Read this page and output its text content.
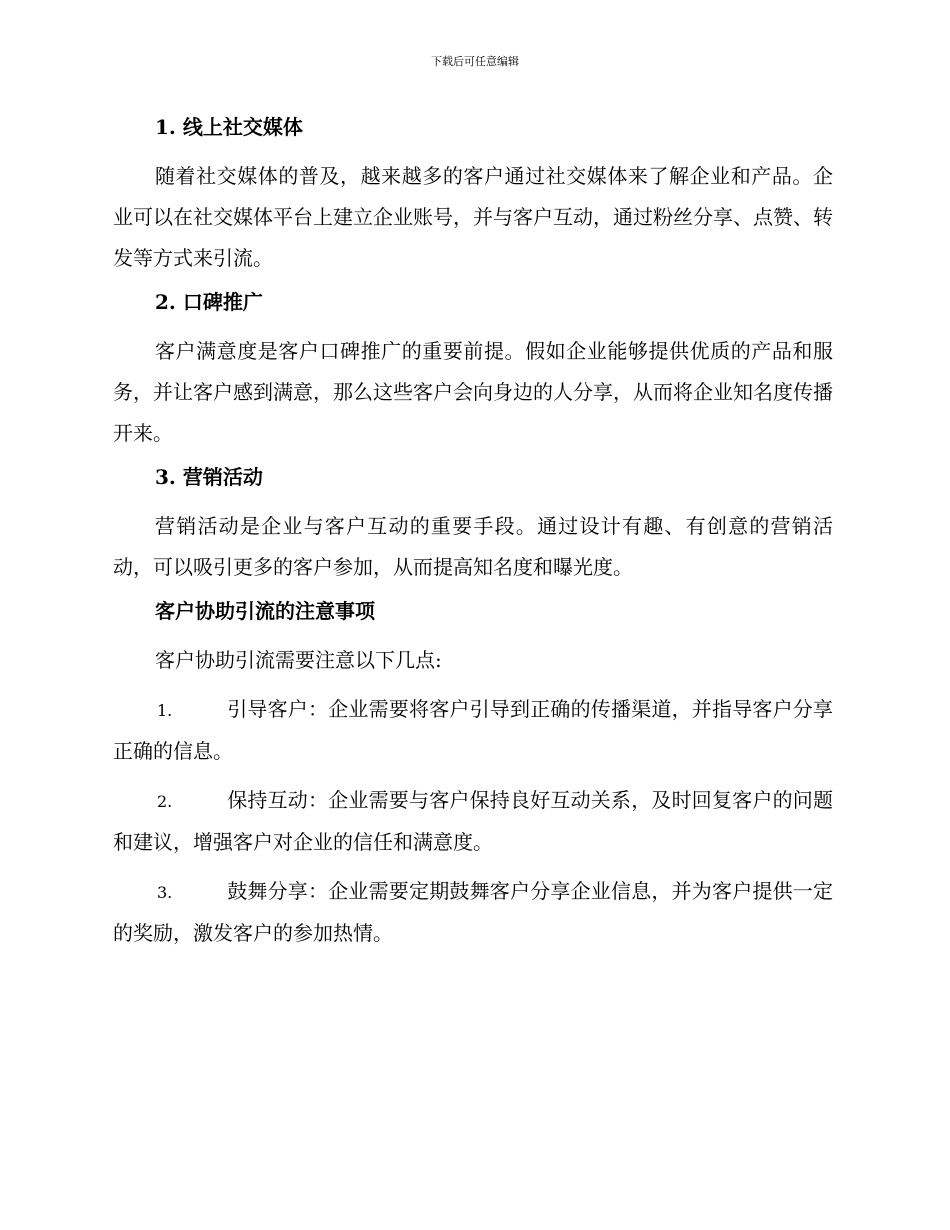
下载后可任意编辑
1. 线上社交媒体

随着社交媒体的普及，越来越多的客户通过社交媒体来了解企业和产品。企业可以在社交媒体平台上建立企业账号，并与客户互动，通过粉丝分享、点赞、转发等方式来引流。

2. 口碑推广

客户满意度是客户口碑推广的重要前提。假如企业能够提供优质的产品和服务，并让客户感到满意，那么这些客户会向身边的人分享，从而将企业知名度传播开来。

3. 营销活动

营销活动是企业与客户互动的重要手段。通过设计有趣、有创意的营销活动，可以吸引更多的客户参加，从而提高知名度和曝光度。

客户协助引流的注意事项

客户协助引流需要注意以下几点:

1.	引导客户：企业需要将客户引导到正确的传播渠道，并指导客户分享正确的信息。

2.	保持互动：企业需要与客户保持良好互动关系，及时回复客户的问题和建议，增强客户对企业的信任和满意度。

3.	鼓舞分享：企业需要定期鼓舞客户分享企业信息，并为客户提供一定的奖励，激发客户的参加热情。
